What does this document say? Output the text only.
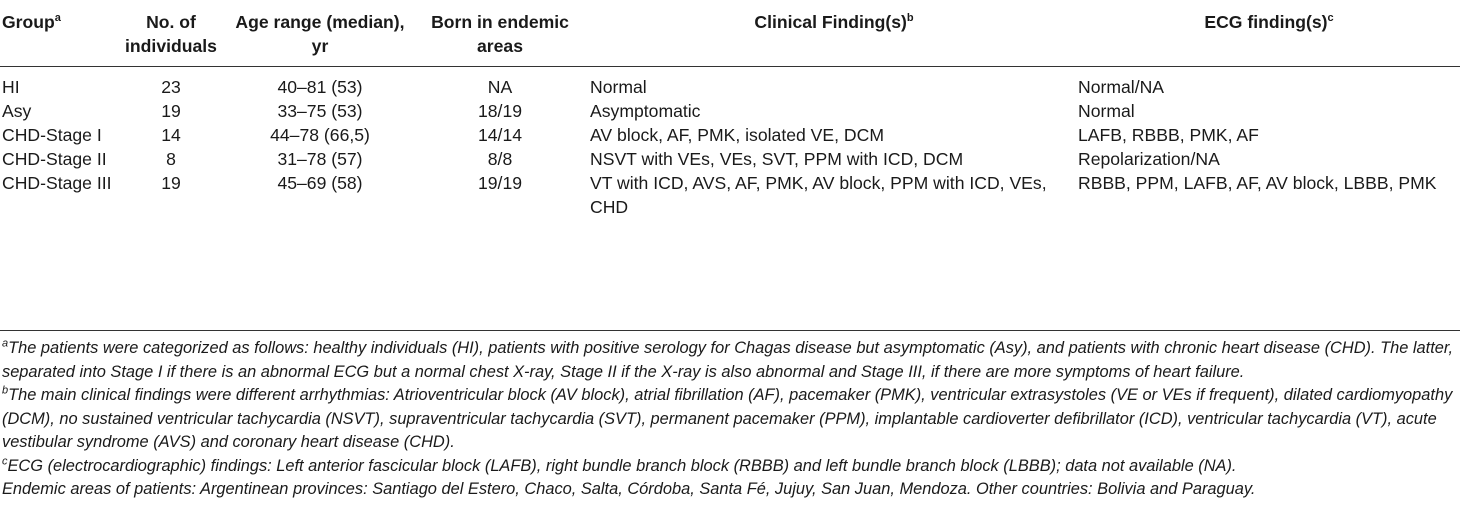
Group$^a$	No. of individuals	Age range (median), yr	Born in endemic areas	Clinical $Finding(s)^b$	ECG $finding(s)^c$
HI	23	40–81 (53)	NA	Normal	Normal/NA
Asy	19	33–75 (53)	18/19	Asymptomatic	Normal
CHD-Stage I	14	44–78 (66,5)	14/14	AV block, AF, PMK, isolated VE, DCM	LAFB, RBBB, PMK, AF
CHD-Stage II	8	31–78 (57)	8/8	NSVT with VEs, VEs, SVT, PPM with ICD, DCM	Repolarization/NA
CHD-Stage III	19	45–69 (58)	19/19	VT with ICD, AVS, AF, PMK, AV block, PPM with ICD, VEs, CHD	RBBB, PPM, LAFB, AF, AV block, LBBB, PMK

$^a$The patients were categorized as follows: healthy individuals (HI), patients with positive serology for Chagas disease but asymptomatic (Asy), and patients with chronic heart disease (CHD). The latter, separated into Stage I if there is an abnormal ECG but a normal chest X-ray, Stage II if the X-ray is also abnormal and Stage III, if there are more symptoms of heart failure.

$^b$The main clinical findings were different arrhythmias: Atrioventricular block (AV block), atrial fibrillation (AF), pacemaker (PMK), ventricular extrasystoles (VE or VEs if frequent), dilated cardiomyopathy (DCM), no sustained ventricular tachycardia (NSVT), supraventricular tachycardia (SVT), permanent pacemaker (PPM), implantable cardioverter defibrillator (ICD), ventricular tachycardia (VT), acute vestibular syndrome (AVS) and coronary heart disease (CHD).

$^c$ECG (electrocardiographic) findings: Left anterior fascicular block (LAFB), right bundle branch block (RBBB) and left bundle branch block (LBBB); data not available (NA).

Endemic areas of patients: Argentinean provinces: Santiago del Estero, Chaco, Salta, Córdoba, Santa Fé, Jujuy, San Juan, Mendoza. Other countries: Bolivia and Paraguay.
